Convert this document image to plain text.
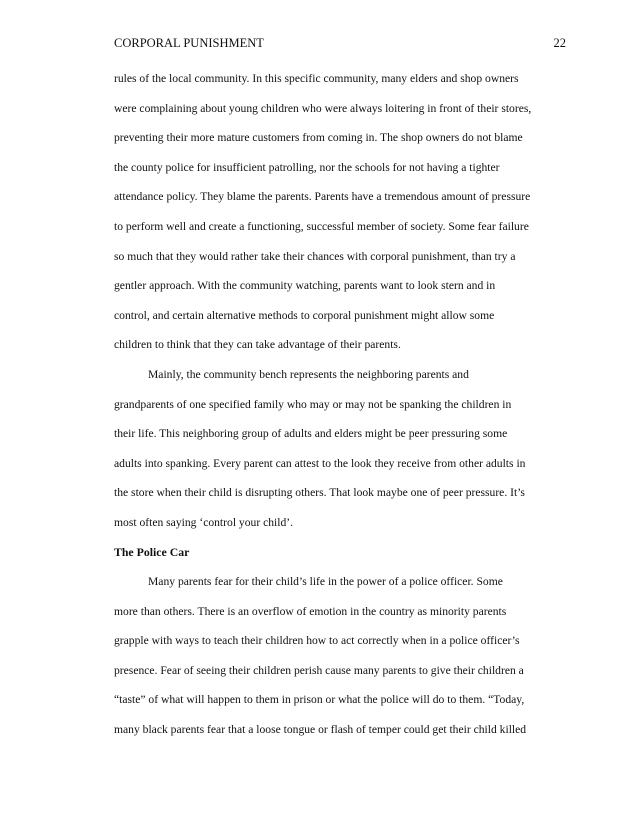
CORPORAL PUNISHMENT	22

rules of the local community. In this specific community, many elders and shop owners
were complaining about young children who were always loitering in front of their stores,
preventing their more mature customers from coming in. The shop owners do not blame
the county police for insufficient patrolling, nor the schools for not having a tighter
attendance policy. They blame the parents. Parents have a tremendous amount of pressure
to perform well and create a functioning, successful member of society. Some fear failure
so much that they would rather take their chances with corporal punishment, than try a
gentler approach. With the community watching, parents want to look stern and in
control, and certain alternative methods to corporal punishment might allow some
children to think that they can take advantage of their parents.

Mainly, the community bench represents the neighboring parents and
grandparents of one specified family who may or may not be spanking the children in
their life. This neighboring group of adults and elders might be peer pressuring some
adults into spanking. Every parent can attest to the look they receive from other adults in
the store when their child is disrupting others. That look maybe one of peer pressure. It’s
most often saying ‘control your child’.

The Police Car

Many parents fear for their child’s life in the power of a police officer. Some
more than others. There is an overflow of emotion in the country as minority parents
grapple with ways to teach their children how to act correctly when in a police officer’s
presence. Fear of seeing their children perish cause many parents to give their children a
“taste” of what will happen to them in prison or what the police will do to them. “Today,
many black parents fear that a loose tongue or flash of temper could get their child killed
